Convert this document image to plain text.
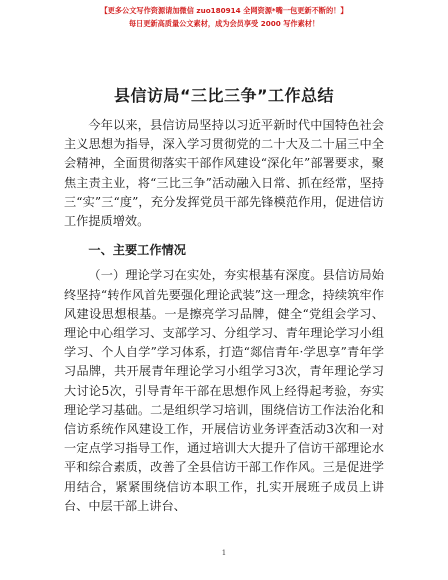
【更多公文写作资源请加微信 zuo180914 全网资源*嘴一包更新不断的！】
每日更新高质量公文素材，成为会员享受 2000 写作素材！
县信访局“三比三争”工作总结

今年以来，县信访局坚持以习近平新时代中国特色社会主义思想为指导，深入学习贯彻党的二十大及二十届三中全会精神，全面贯彻落实干部作风建设“深化年”部署要求，聚焦主责主业，将“三比三争”活动融入日常、抓在经常，坚持三“实”三“度”，充分发挥党员干部先锋模范作用，促进信访工作提质增效。

一、主要工作情况

（一）理论学习在实处，夯实根基有深度。县信访局始终坚持“转作风首先要强化理论武装”这一理念，持续筑牢作风建设思想根基。一是擦亮学习品牌，健全“党组会学习、理论中心组学习、支部学习、分组学习、青年理论学习小组学习、个人自学”学习体系，打造“郯信青年·学思享”青年学习品牌，共开展青年理论学习小组学习3次，青年理论学习大讨论5次，引导青年干部在思想作风上经得起考验，夯实理论学习基础。二是组织学习培训，围绕信访工作法治化和信访系统作风建设工作，开展信访业务评查活动3次和一对一定点学习指导工作，通过培训大大提升了信访干部理论水平和综合素质，改善了全县信访干部工作作风。三是促进学用结合，紧紧围绕信访本职工作，扎实开展班子成员上讲台、中层干部上讲台、

1
